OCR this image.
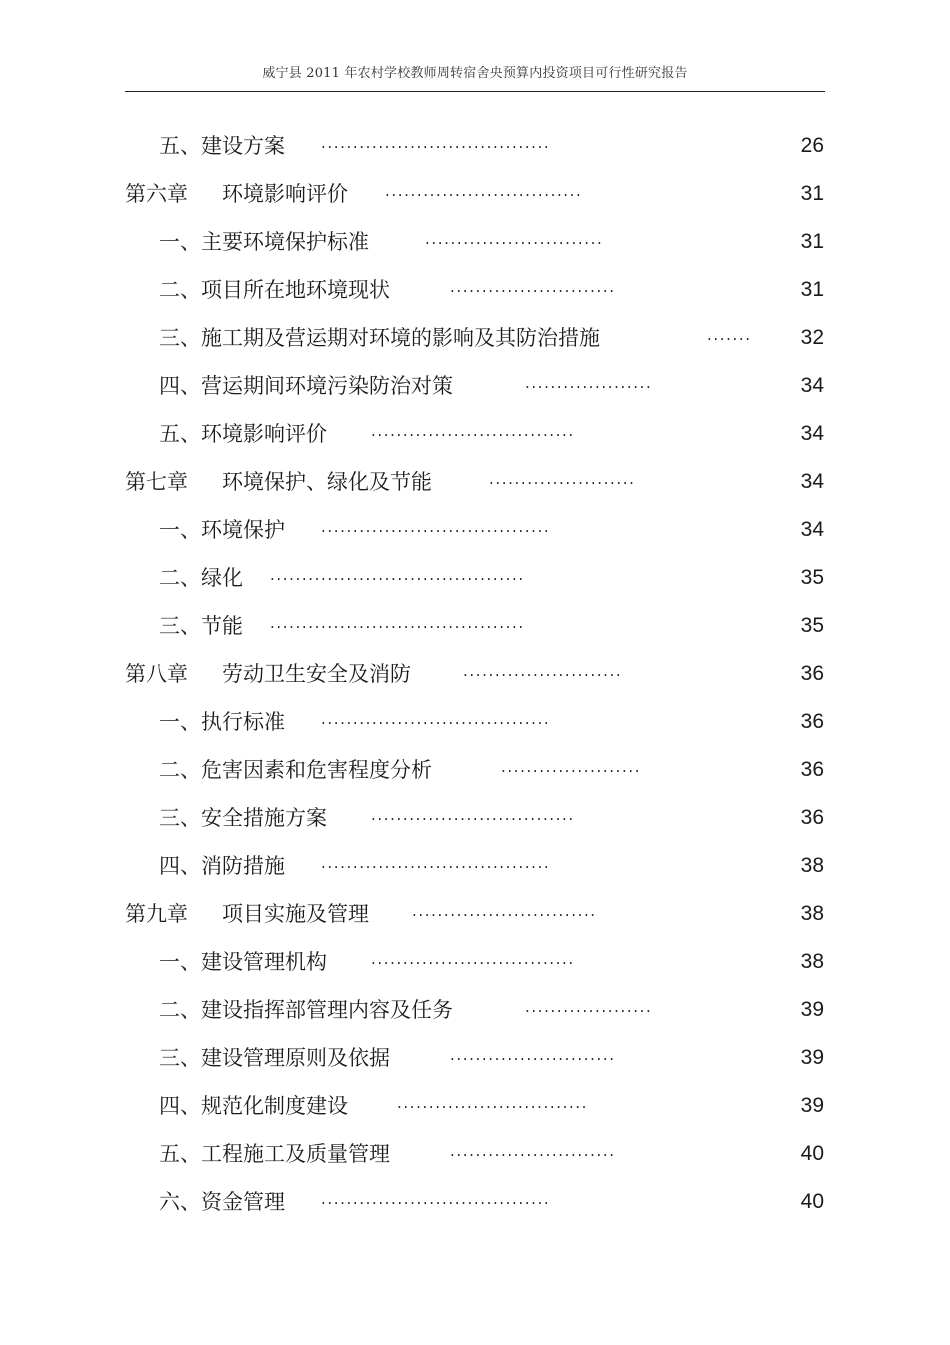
威宁县 2011 年农村学校教师周转宿舍央预算内投资项目可行性研究报告
五、建设方案 ....................................	26
第六章 环境影响评价 ...............................	31
一、主要环境保护标准	............................	31
二、项目所在地环境现状	..........................	31
三、施工期及营运期对环境的影响及其防治措施	....... 32
四、营运期间环境污染防治对策	....................	34
五、环境影响评价	................................	34
第七章 环境保护、绿化及节能	.......................	34
一、环境保护 ....................................	34
二、绿化 ........................................	35
三、节能 ........................................	35
第八章 劳动卫生安全及消防	.........................	36
一、执行标准 ....................................	36
二、危害因素和危害程度分析	......................	36
三、安全措施方案	................................	36
四、消防措施 ....................................	38
第九章 项目实施及管理	.............................	38
一、建设管理机构	................................	38
二、建设指挥部管理内容及任务	....................	39
三、建设管理原则及依据	..........................	39
四、规范化制度建设	..............................	39
五、工程施工及质量管理	..........................	40
六、资金管理 ....................................	40
